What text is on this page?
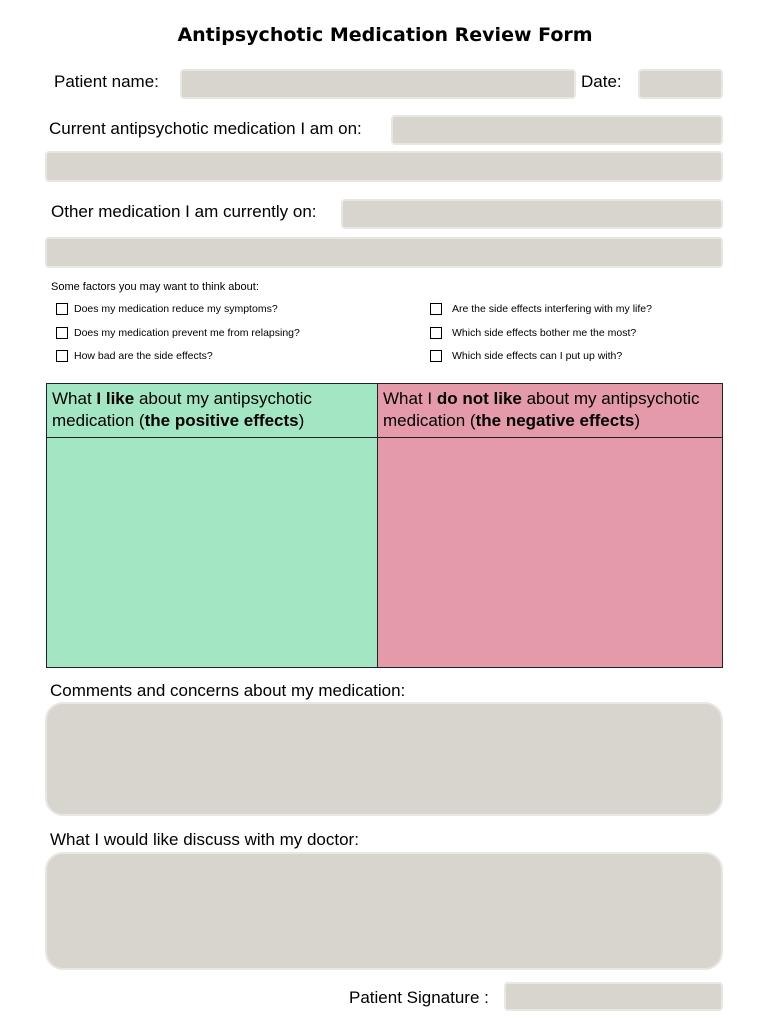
Antipsychotic Medication Review Form
Patient name:	Date:
Current antipsychotic medication I am on:
Other medication I am currently on:
Some factors you may want to think about:
Does my medication reduce my symptoms?
Does my medication prevent me from relapsing?
How bad are the side effects?
Are the side effects interfering with my life?
Which side effects bother me the most?
Which side effects can I put up with?
What I like about my antipsychotic medication (the positive effects)
What I do not like about my antipsychotic medication (the negative effects)
Comments and concerns about my medication:
What I would like discuss with my doctor:
Patient Signature :
